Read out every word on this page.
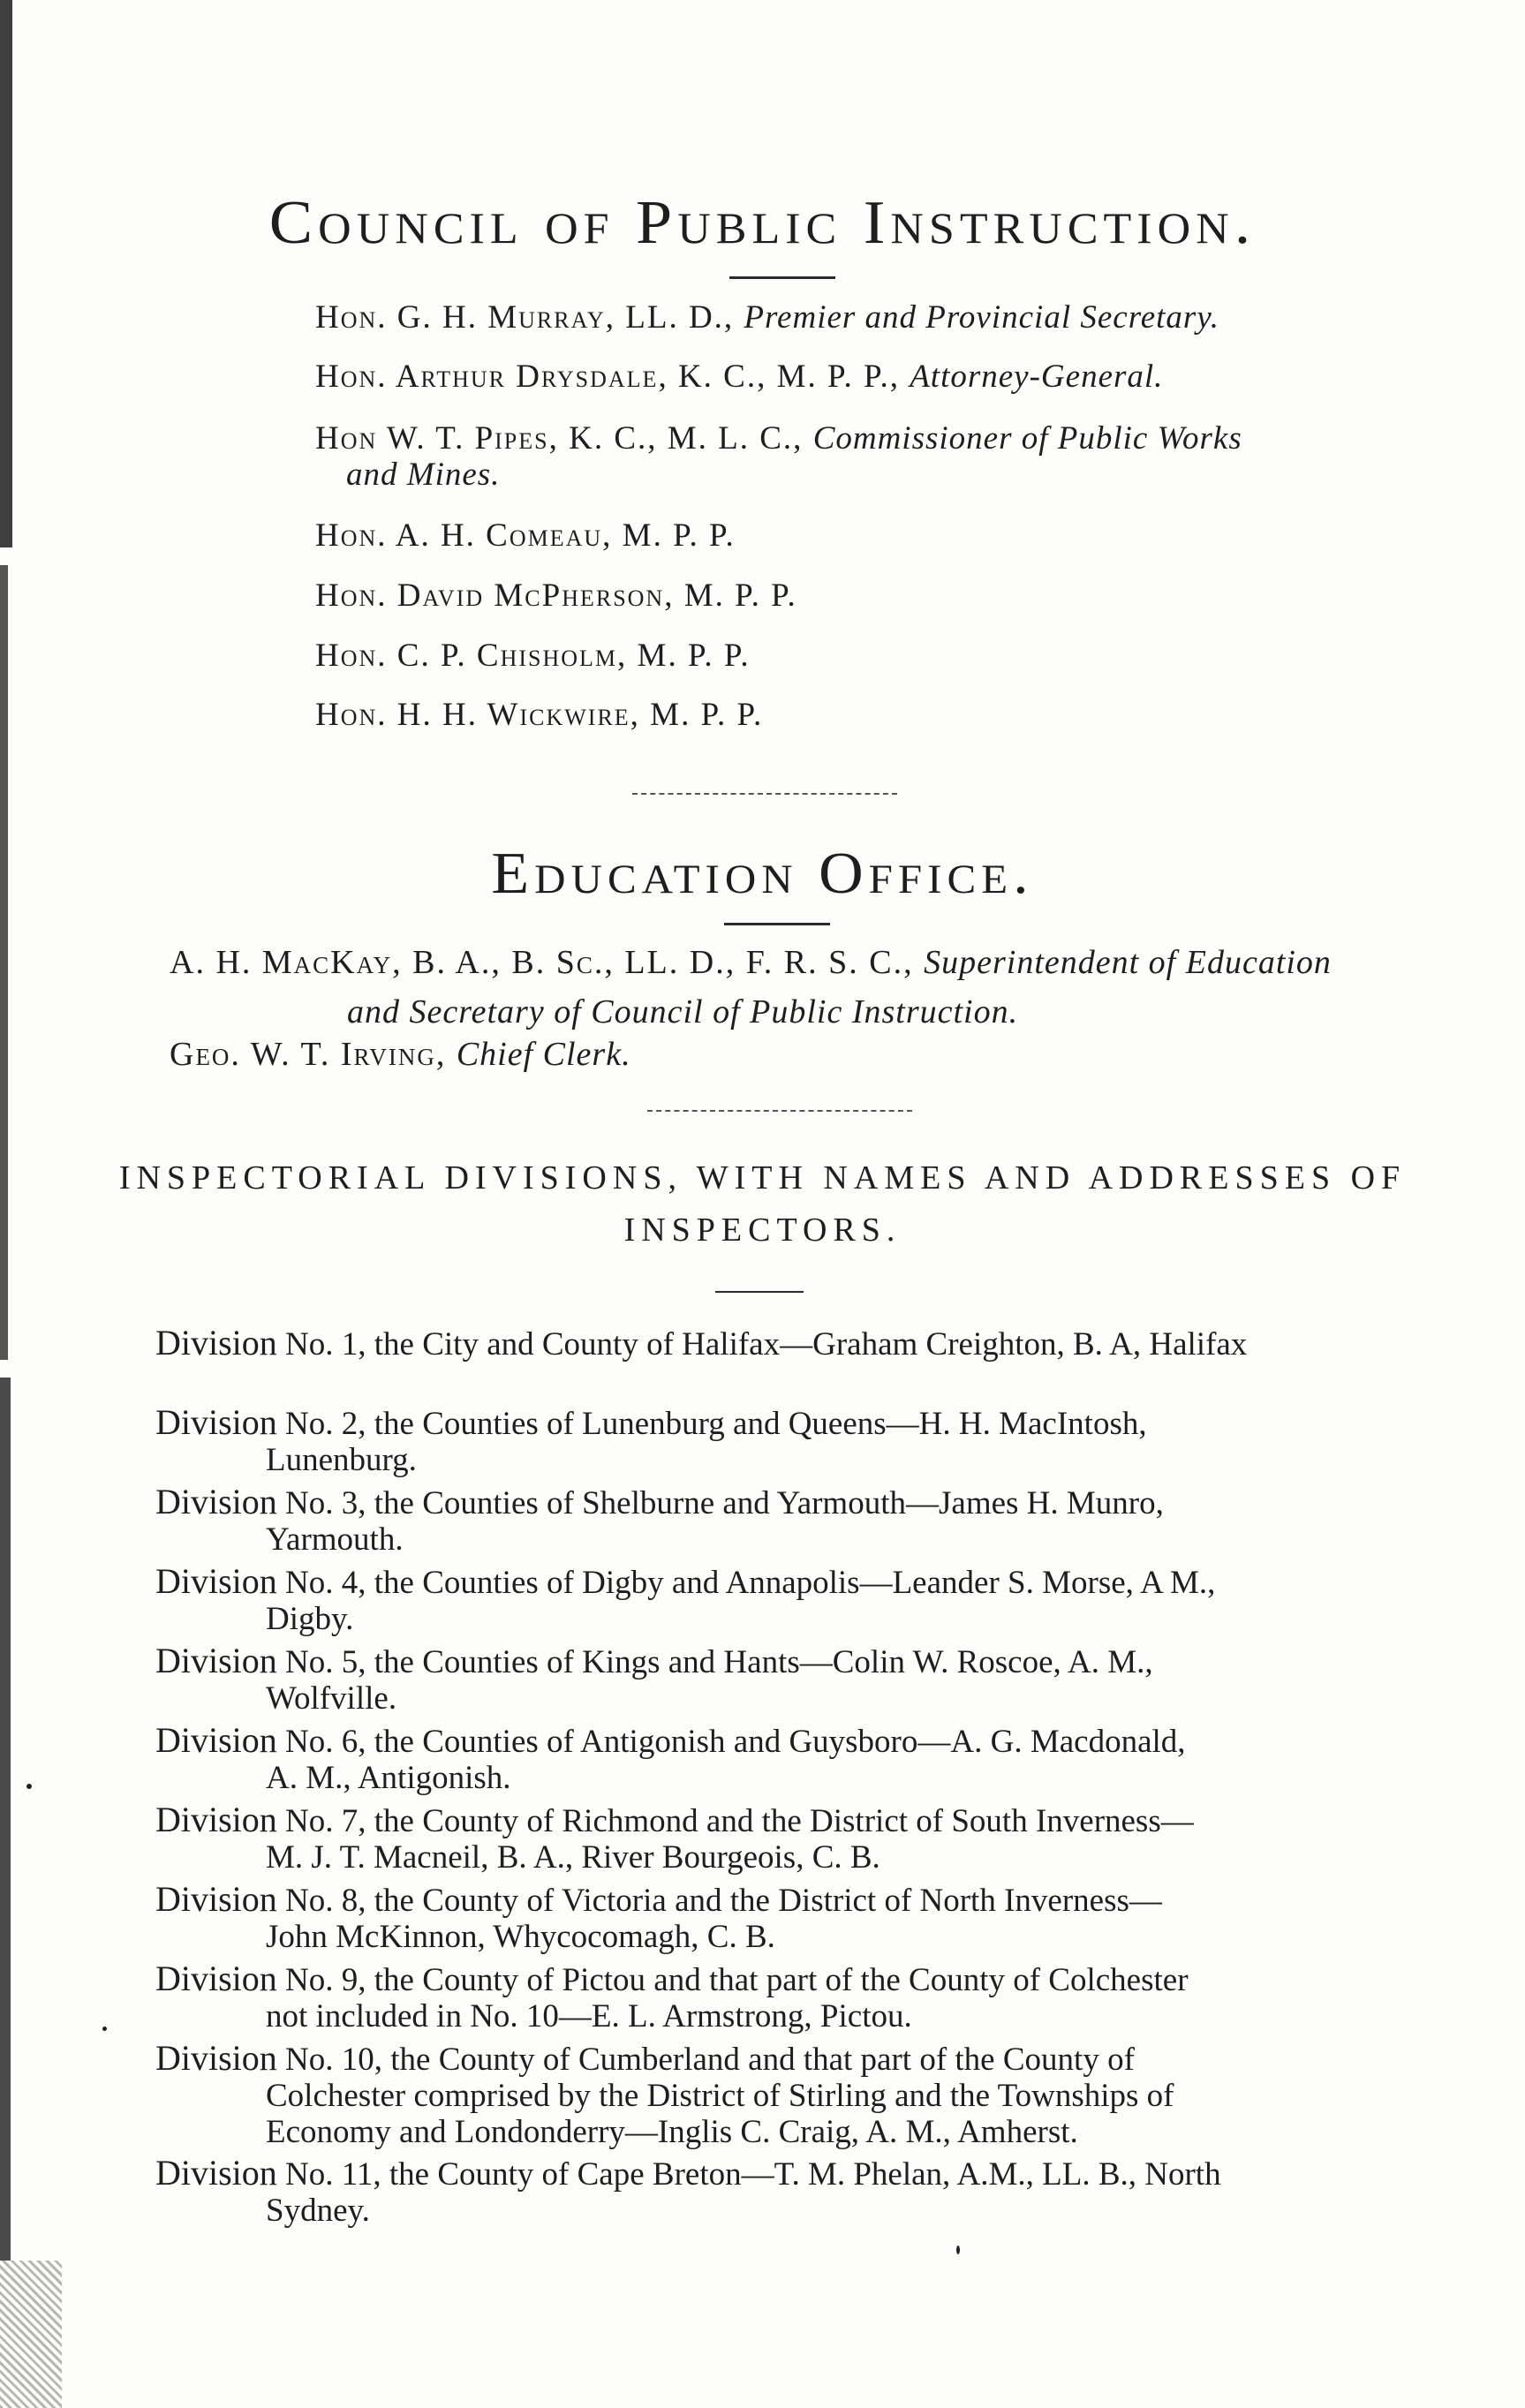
Council of Public Instruction.
Hon. G. H. Murray, LL. D., Premier and Provincial Secretary.
Hon. Arthur Drysdale, K. C., M. P. P., Attorney-General.
Hon W. T. Pipes, K. C., M. L. C., Commissioner of Public Works
and Mines.
Hon. A. H. Comeau, M. P. P.
Hon. David McPherson, M. P. P.
Hon. C. P. Chisholm, M. P. P.
Hon. H. H. Wickwire, M. P. P.
Education Office.
A. H. MacKay, B. A., B. Sc., LL. D., F. R. S. C., Superintendent of Education
and Secretary of Council of Public Instruction.
Geo. W. T. Irving, Chief Clerk.
INSPECTORIAL DIVISIONS, WITH NAMES AND ADDRESSES OF
INSPECTORS.
Division No. 1, the City and County of Halifax—Graham Creighton, B. A, Halifax
Division No. 2, the Counties of Lunenburg and Queens—H. H. MacIntosh,
Lunenburg.
Division No. 3, the Counties of Shelburne and Yarmouth—James H. Munro,
Yarmouth.
Division No. 4, the Counties of Digby and Annapolis—Leander S. Morse, A M.,
Digby.
Division No. 5, the Counties of Kings and Hants—Colin W. Roscoe, A. M.,
Wolfville.
Division No. 6, the Counties of Antigonish and Guysboro—A. G. Macdonald,
A. M., Antigonish.
Division No. 7, the County of Richmond and the District of South Inverness—
M. J. T. Macneil, B. A., River Bourgeois, C. B.
Division No. 8, the County of Victoria and the District of North Inverness—
John McKinnon, Whycocomagh, C. B.
Division No. 9, the County of Pictou and that part of the County of Colchester
not included in No. 10—E. L. Armstrong, Pictou.
Division No. 10, the County of Cumberland and that part of the County of
Colchester comprised by the District of Stirling and the Townships of
Economy and Londonderry—Inglis C. Craig, A. M., Amherst.
Division No. 11, the County of Cape Breton—T. M. Phelan, A.M., LL. B., North
Sydney.
